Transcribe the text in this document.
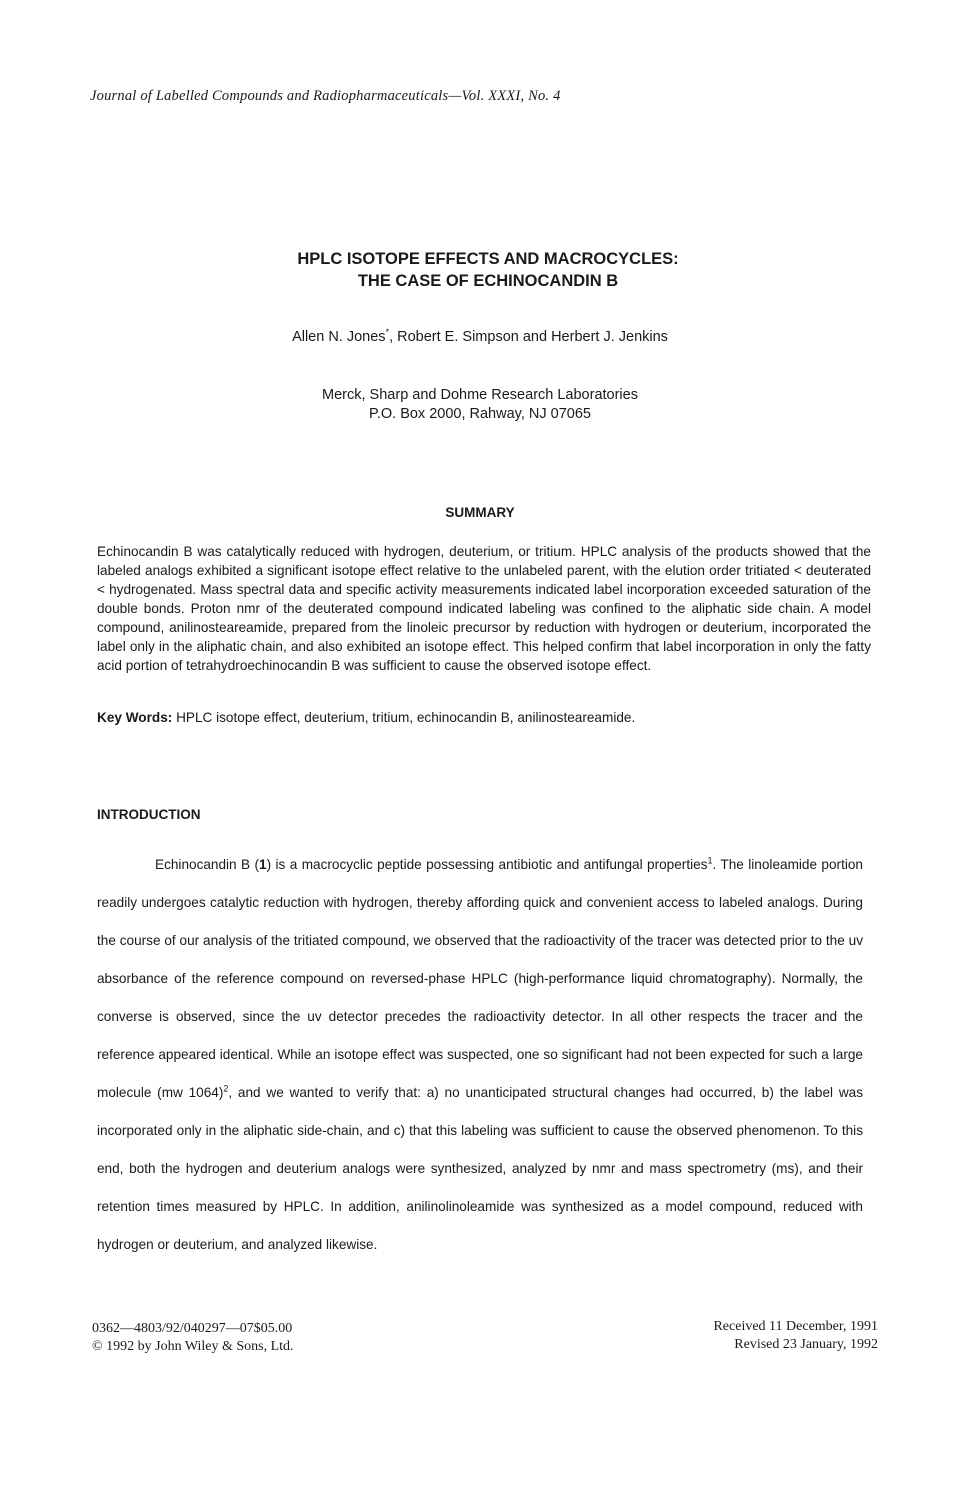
Journal of Labelled Compounds and Radiopharmaceuticals—Vol. XXXI, No. 4
HPLC ISOTOPE EFFECTS AND MACROCYCLES:
THE CASE OF ECHINOCANDIN B
Allen N. Jones*, Robert E. Simpson and Herbert J. Jenkins
Merck, Sharp and Dohme Research Laboratories
P.O. Box 2000, Rahway, NJ 07065
SUMMARY

Echinocandin B was catalytically reduced with hydrogen, deuterium, or tritium. HPLC analysis of the products showed that the labeled analogs exhibited a significant isotope effect relative to the unlabeled parent, with the elution order tritiated < deuterated < hydrogenated. Mass spectral data and specific activity measurements indicated label incorporation exceeded saturation of the double bonds. Proton nmr of the deuterated compound indicated labeling was confined to the aliphatic side chain. A model compound, anilinosteareamide, prepared from the linoleic precursor by reduction with hydrogen or deuterium, incorporated the label only in the aliphatic chain, and also exhibited an isotope effect. This helped confirm that label incorporation in only the fatty acid portion of tetrahydroechinocandin B was sufficient to cause the observed isotope effect.

Key Words: HPLC isotope effect, deuterium, tritium, echinocandin B, anilinosteareamide.

INTRODUCTION

Echinocandin B (1) is a macrocyclic peptide possessing antibiotic and antifungal properties$^1$. The linoleamide portion readily undergoes catalytic reduction with hydrogen, thereby affording quick and convenient access to labeled analogs. During the course of our analysis of the tritiated compound, we observed that the radioactivity of the tracer was detected prior to the uv absorbance of the reference compound on reversed-phase HPLC (high-performance liquid chromatography). Normally, the converse is observed, since the uv detector precedes the radioactivity detector. In all other respects the tracer and the reference appeared identical. While an isotope effect was suspected, one so significant had not been expected for such a large molecule (mw 1064)$^2$, and we wanted to verify that: a) no unanticipated structural changes had occurred, b) the label was incorporated only in the aliphatic side-chain, and c) that this labeling was sufficient to cause the observed phenomenon. To this end, both the hydrogen and deuterium analogs were synthesized, analyzed by nmr and mass spectrometry (ms), and their retention times measured by HPLC. In addition, anilinolinoleamide was synthesized as a model compound, reduced with hydrogen or deuterium, and analyzed likewise.

0362—4803/92/040297—07$05.00
© 1992 by John Wiley & Sons, Ltd.
Received 11 December, 1991
Revised 23 January, 1992
